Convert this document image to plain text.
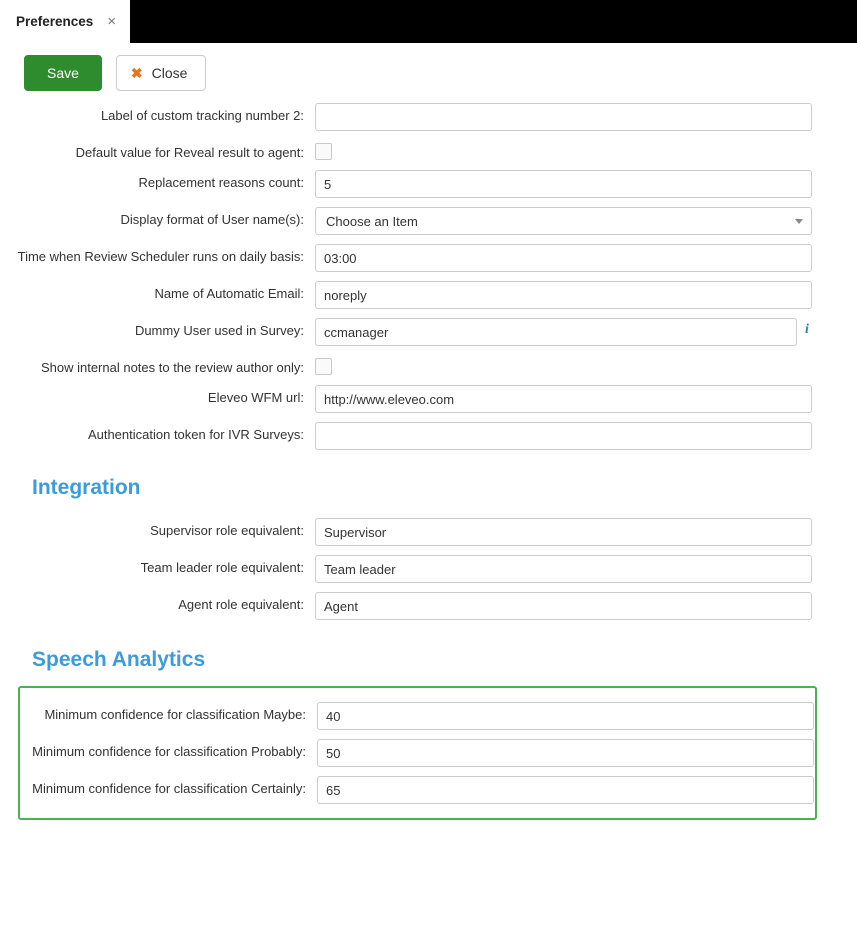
Preferences ×
Save	✖ Close
Label of custom tracking number 2:
Default value for Reveal result to agent:
Replacement reasons count:
5
Display format of User name(s):	Choose an Item
Time when Review Scheduler runs on daily basis:
03:00
Name of Automatic Email:
noreply
Dummy User used in Survey:
ccmanager	i
Show internal notes to the review author only:
Eleveo WFM url:
http://www.eleveo.com
Authentication token for IVR Surveys:
Integration
Supervisor role equivalent:
Supervisor
Team leader role equivalent:
Team leader
Agent role equivalent:
Agent
Speech Analytics
Minimum confidence for classification Maybe:
40
Minimum confidence for classification Probably:
50
Minimum confidence for classification Certainly:
65
